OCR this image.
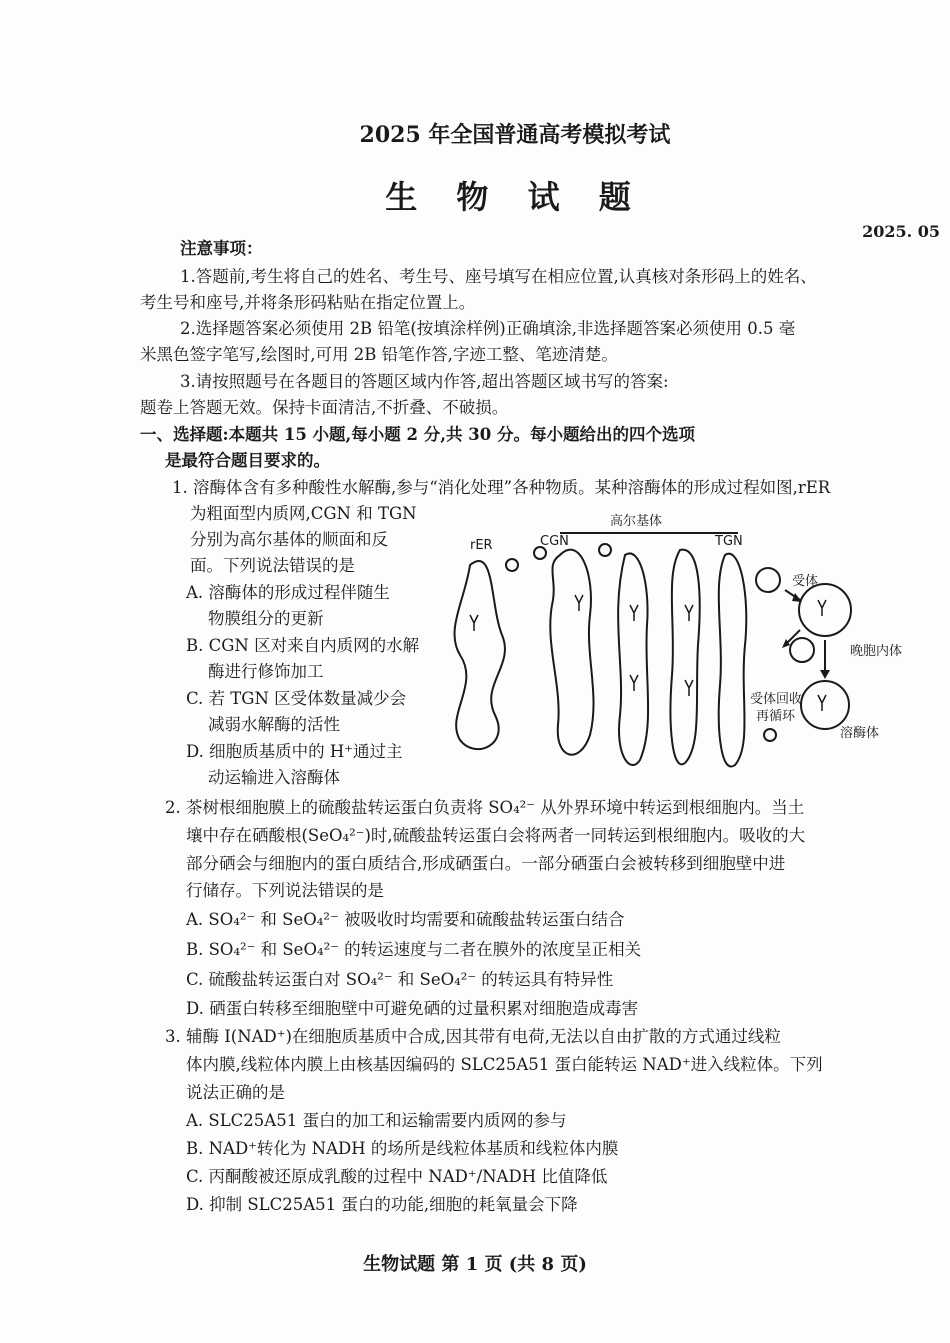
2025 年全国普通高考模拟考试
生 物 试 题
2025. 05
注意事项：
1.答题前,考生将自己的姓名、考生号、座号填写在相应位置,认真核对条形码上的姓名、
考生号和座号,并将条形码粘贴在指定位置上。
2.选择题答案必须使用 2B 铅笔(按填涂样例)正确填涂,非选择题答案必须使用 0.5 毫
米黑色签字笔写,绘图时,可用 2B 铅笔作答,字迹工整、笔迹清楚。
3.请按照题号在各题目的答题区域内作答,超出答题区域书写的答案:
题卷上答题无效。保持卡面清洁,不折叠、不破损。
一、选择题:本题共 15 小题,每小题 2 分,共 30 分。每小题给出的四个选项
是最符合题目要求的。
1. 溶酶体含有多种酸性水解酶,参与“消化处理”各种物质。某种溶酶体的形成过程如图,rER
为粗面型内质网,CGN 和 TGN
分别为高尔基体的顺面和反
面。下列说法错误的是
A. 溶酶体的形成过程伴随生
物膜组分的更新
B. CGN 区对来自内质网的水解
酶进行修饰加工
C. 若 TGN 区受体数量减少会
减弱水解酶的活性
D. 细胞质基质中的 H⁺通过主
动运输进入溶酶体
高尔基体
rER	CGN	TGN
受体
晚胞内体
受体回收
再循环
溶酶体
2. 茶树根细胞膜上的硫酸盐转运蛋白负责将 SO₄²⁻ 从外界环境中转运到根细胞内。当土
壤中存在硒酸根(SeO₄²⁻)时,硫酸盐转运蛋白会将两者一同转运到根细胞内。吸收的大
部分硒会与细胞内的蛋白质结合,形成硒蛋白。一部分硒蛋白会被转移到细胞壁中进
行储存。下列说法错误的是
A. SO₄²⁻ 和 SeO₄²⁻ 被吸收时均需要和硫酸盐转运蛋白结合
B. SO₄²⁻ 和 SeO₄²⁻ 的转运速度与二者在膜外的浓度呈正相关
C. 硫酸盐转运蛋白对 SO₄²⁻ 和 SeO₄²⁻ 的转运具有特异性
D. 硒蛋白转移至细胞壁中可避免硒的过量积累对细胞造成毒害
3. 辅酶 I(NAD⁺)在细胞质基质中合成,因其带有电荷,无法以自由扩散的方式通过线粒
体内膜,线粒体内膜上由核基因编码的 SLC25A51 蛋白能转运 NAD⁺进入线粒体。下列
说法正确的是
A. SLC25A51 蛋白的加工和运输需要内质网的参与
B. NAD⁺转化为 NADH 的场所是线粒体基质和线粒体内膜
C. 丙酮酸被还原成乳酸的过程中 NAD⁺/NADH 比值降低
D. 抑制 SLC25A51 蛋白的功能,细胞的耗氧量会下降
生物试题 第 1 页 (共 8 页)
